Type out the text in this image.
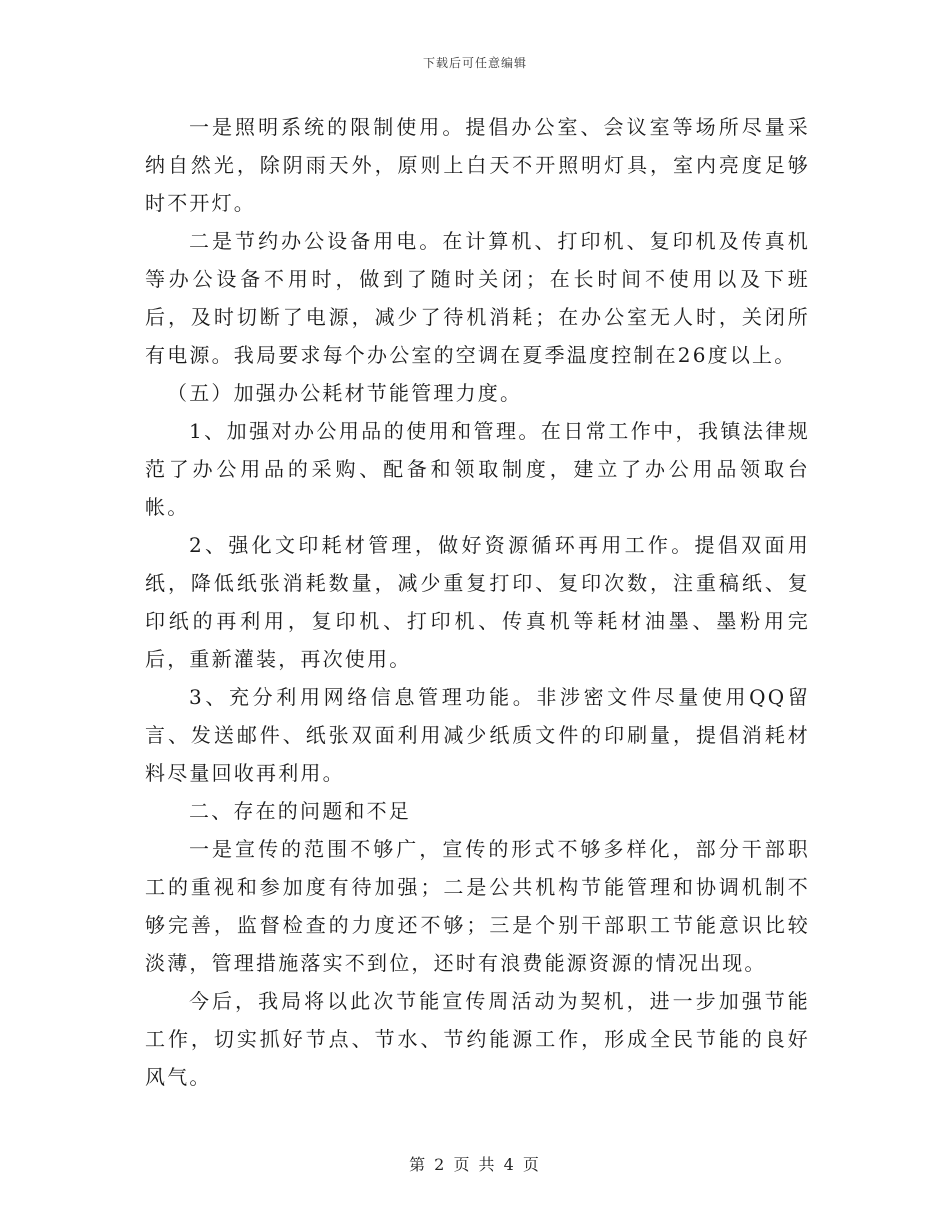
下载后可任意编辑

一是照明系统的限制使用。提倡办公室、会议室等场所尽量采纳自然光，除阴雨天外，原则上白天不开照明灯具，室内亮度足够时不开灯。

二是节约办公设备用电。在计算机、打印机、复印机及传真机等办公设备不用时，做到了随时关闭；在长时间不使用以及下班后，及时切断了电源，减少了待机消耗；在办公室无人时，关闭所有电源。我局要求每个办公室的空调在夏季温度控制在26度以上。

（五）加强办公耗材节能管理力度。

1、加强对办公用品的使用和管理。在日常工作中，我镇法律规范了办公用品的采购、配备和领取制度，建立了办公用品领取台帐。

2、强化文印耗材管理，做好资源循环再用工作。提倡双面用纸，降低纸张消耗数量，减少重复打印、复印次数，注重稿纸、复印纸的再利用，复印机、打印机、传真机等耗材油墨、墨粉用完后，重新灌装，再次使用。

3、充分利用网络信息管理功能。非涉密文件尽量使用QQ留言、发送邮件、纸张双面利用减少纸质文件的印刷量，提倡消耗材料尽量回收再利用。

二、存在的问题和不足

一是宣传的范围不够广，宣传的形式不够多样化，部分干部职工的重视和参加度有待加强；二是公共机构节能管理和协调机制不够完善，监督检查的力度还不够；三是个别干部职工节能意识比较淡薄，管理措施落实不到位，还时有浪费能源资源的情况出现。

今后，我局将以此次节能宣传周活动为契机，进一步加强节能工作，切实抓好节点、节水、节约能源工作，形成全民节能的良好风气。

第 2 页 共 4 页
